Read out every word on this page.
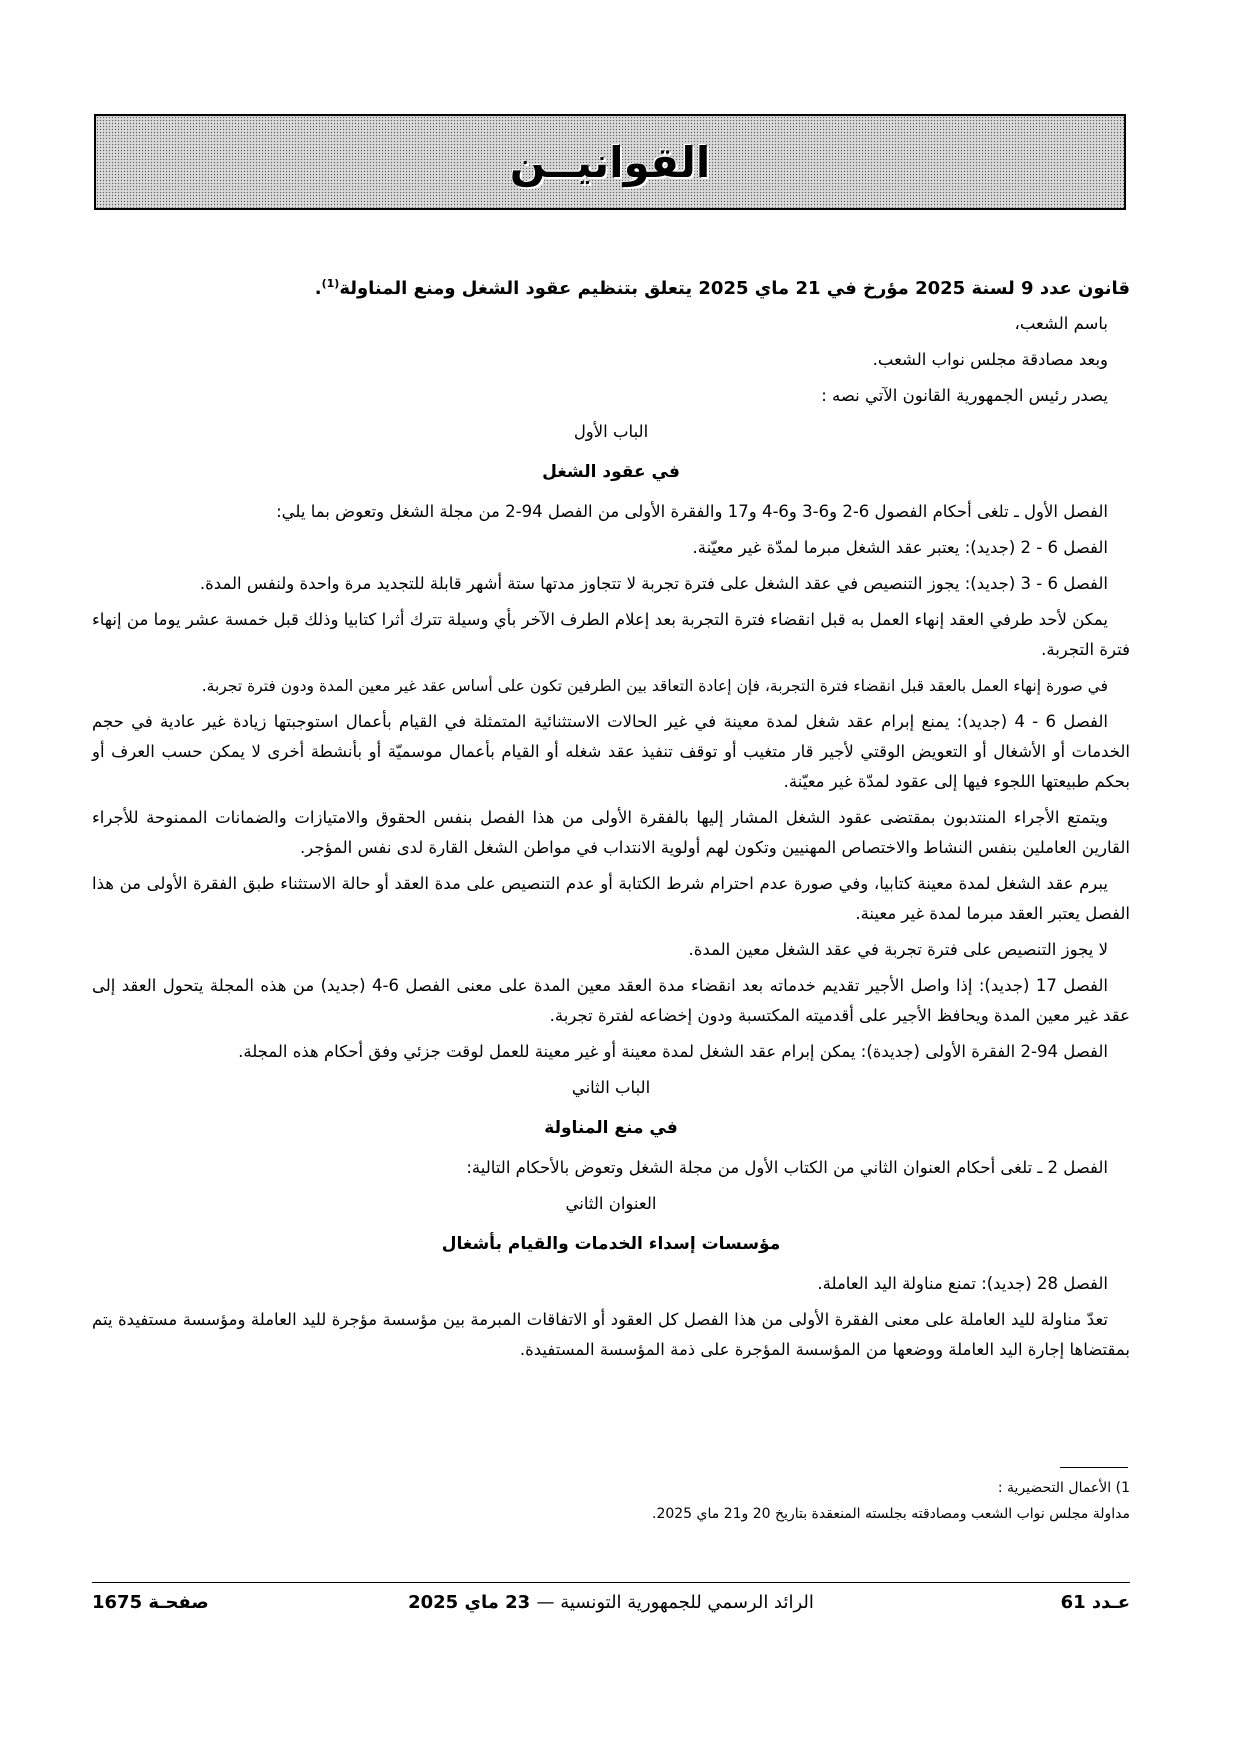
القوانيــن
قانون عدد 9 لسنة 2025 مؤرخ في 21 ماي 2025 يتعلق بتنظيم عقود الشغل ومنع المناولة$^{(1)}$.
باسم الشعب،
وبعد مصادقة مجلس نواب الشعب.
يصدر رئيس الجمهورية القانون الآتي نصه :
الباب الأول
في عقود الشغل
الفصل الأول ـ تلغى أحكام الفصول 6-2 و6-3 و6-4 و17 والفقرة الأولى من الفصل 94-2 من مجلة الشغل وتعوض بما يلي:
الفصل 6 - 2 (جديد): يعتبر عقد الشغل مبرما لمدّة غير معيّنة.
الفصل 6 - 3 (جديد): يجوز التنصيص في عقد الشغل على فترة تجربة لا تتجاوز مدتها ستة أشهر قابلة للتجديد مرة واحدة ولنفس المدة.
يمكن لأحد طرفي العقد إنهاء العمل به قبل انقضاء فترة التجربة بعد إعلام الطرف الآخر بأي وسيلة تترك أثرا كتابيا وذلك قبل خمسة عشر يوما من إنهاء فترة التجربة.
في صورة إنهاء العمل بالعقد قبل انقضاء فترة التجربة، فإن إعادة التعاقد بين الطرفين تكون على أساس عقد غير معين المدة ودون فترة تجربة.
الفصل 6 - 4 (جديد): يمنع إبرام عقد شغل لمدة معينة في غير الحالات الاستثنائية المتمثلة في القيام بأعمال استوجبتها زيادة غير عادية في حجم الخدمات أو الأشغال أو التعويض الوقتي لأجير قار متغيب أو توقف تنفيذ عقد شغله أو القيام بأعمال موسميّة أو بأنشطة أخرى لا يمكن حسب العرف أو بحكم طبيعتها اللجوء فيها إلى عقود لمدّة غير معيّنة.
ويتمتع الأجراء المنتدبون بمقتضى عقود الشغل المشار إليها بالفقرة الأولى من هذا الفصل بنفس الحقوق والامتيازات والضمانات الممنوحة للأجراء القارين العاملين بنفس النشاط والاختصاص المهنيين وتكون لهم أولوية الانتداب في مواطن الشغل القارة لدى نفس المؤجر.
يبرم عقد الشغل لمدة معينة كتابيا، وفي صورة عدم احترام شرط الكتابة أو عدم التنصيص على مدة العقد أو حالة الاستثناء طبق الفقرة الأولى من هذا الفصل يعتبر العقد مبرما لمدة غير معينة.
لا يجوز التنصيص على فترة تجربة في عقد الشغل معين المدة.
الفصل 17 (جديد): إذا واصل الأجير تقديم خدماته بعد انقضاء مدة العقد معين المدة على معنى الفصل 6-4 (جديد) من هذه المجلة يتحول العقد إلى عقد غير معين المدة ويحافظ الأجير على أقدميته المكتسبة ودون إخضاعه لفترة تجربة.
الفصل 94-2 الفقرة الأولى (جديدة): يمكن إبرام عقد الشغل لمدة معينة أو غير معينة للعمل لوقت جزئي وفق أحكام هذه المجلة.
الباب الثاني
في منع المناولة
الفصل 2 ـ تلغى أحكام العنوان الثاني من الكتاب الأول من مجلة الشغل وتعوض بالأحكام التالية:
العنوان الثاني
مؤسسات إسداء الخدمات والقيام بأشغال
الفصل 28 (جديد): تمنع مناولة اليد العاملة.
تعدّ مناولة لليد العاملة على معنى الفقرة الأولى من هذا الفصل كل العقود أو الاتفاقات المبرمة بين مؤسسة مؤجرة لليد العاملة ومؤسسة مستفيدة يتم بمقتضاها إجارة اليد العاملة ووضعها من المؤسسة المؤجرة على ذمة المؤسسة المستفيدة.
1) الأعمال التحضيرية :
مداولة مجلس نواب الشعب ومصادقته بجلسته المنعقدة بتاريخ 20 و21 ماي 2025.
عـدد 61
الرائد الرسمي للجمهورية التونسية — 23 ماي 2025
صفحـة 1675
